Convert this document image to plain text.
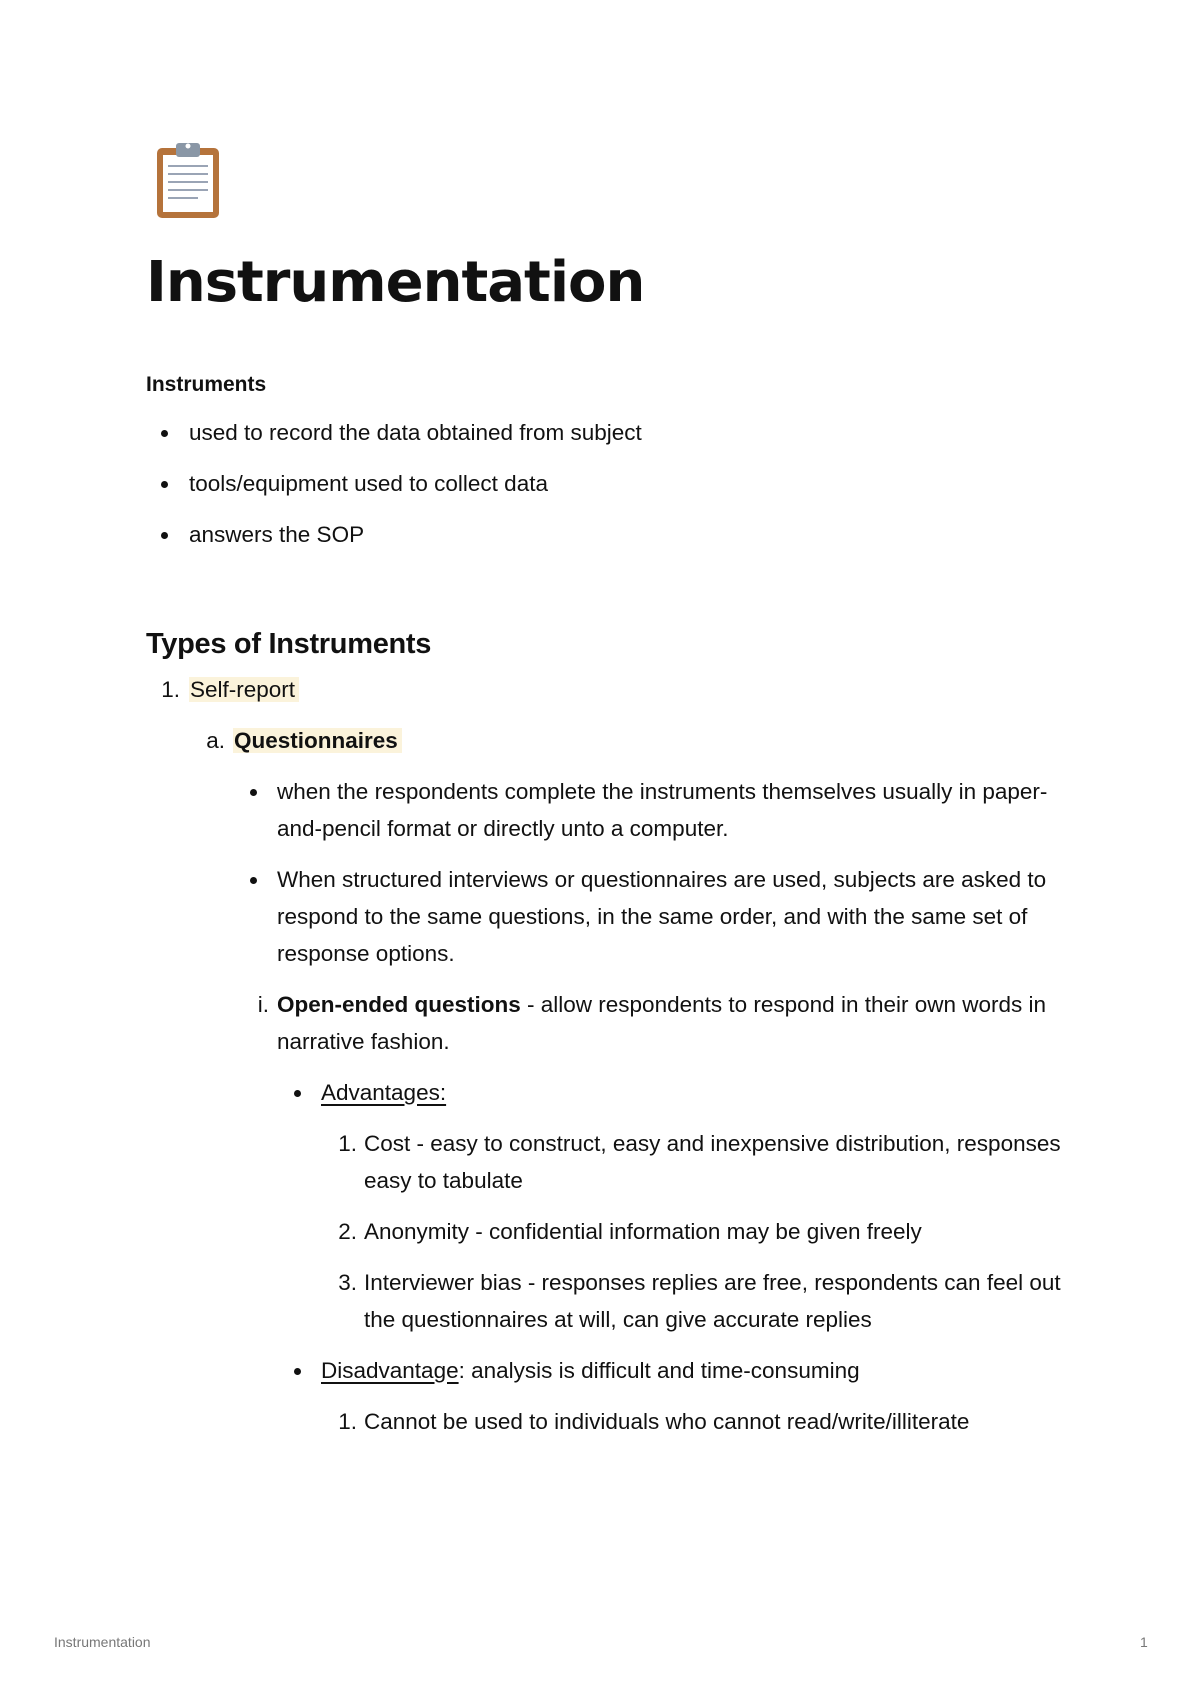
Instrumentation
Instruments
used to record the data obtained from subject
tools/equipment used to collect data
answers the SOP
Types of Instruments
1. Self-report
a. Questionnaires
when the respondents complete the instruments themselves usually in paper-and-pencil format or directly unto a computer.
When structured interviews or questionnaires are used, subjects are asked to respond to the same questions, in the same order, and with the same set of response options.
i. Open-ended questions - allow respondents to respond in their own words in narrative fashion.
Advantages:
1. Cost - easy to construct, easy and inexpensive distribution, responses easy to tabulate
2. Anonymity - confidential information may be given freely
3. Interviewer bias - responses replies are free, respondents can feel out the questionnaires at will, can give accurate replies
Disadvantage: analysis is difficult and time-consuming
1. Cannot be used to individuals who cannot read/write/illiterate
Instrumentation	1
